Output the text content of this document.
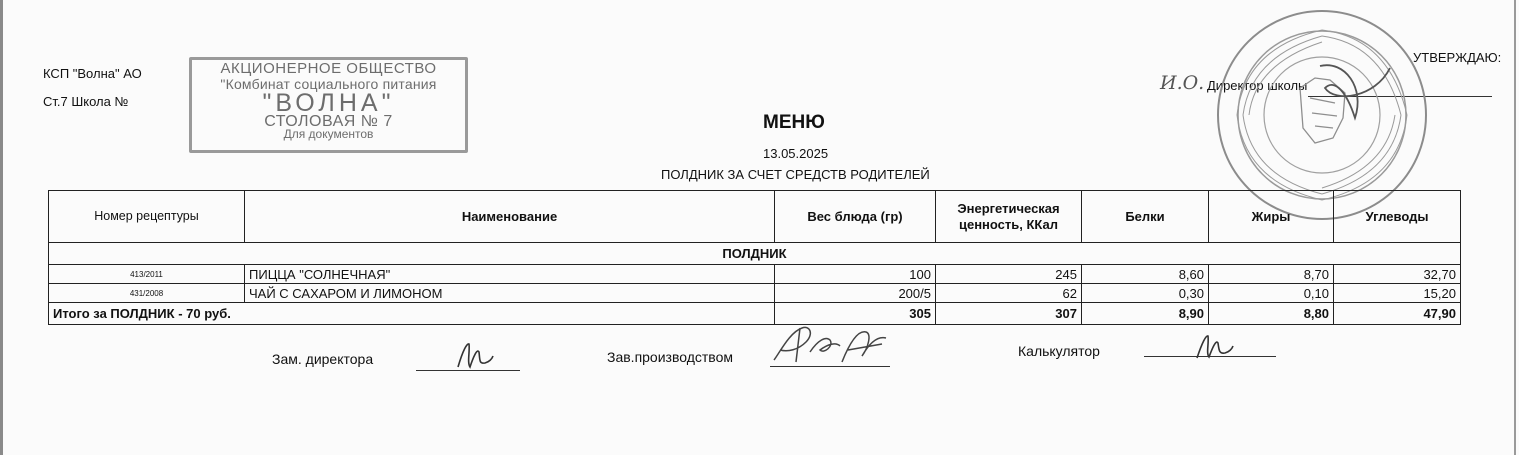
КСП "Волна" АО
Ст.7 Школа №
АКЦИОНЕРНОЕ ОБЩЕСТВО
"Комбинат социального питания
"ВОЛНА"
СТОЛОВАЯ № 7
Для документов
МЕНЮ
13.05.2025
ПОЛДНИК ЗА СЧЕТ СРЕДСТВ РОДИТЕЛЕЙ
УТВЕРЖДАЮ:
И.О. Директор школы
Номер рецептуры	Наименование	Вес блюда (гр)	Энергетическая ценность, ККал	Белки	Жиры	Углеводы
ПОЛДНИК						
413/2011	ПИЦЦА "СОЛНЕЧНАЯ"	100	245	8,60	8,70	32,70
431/2008	ЧАЙ С САХАРОМ И ЛИМОНОМ	200/5	62	0,30	0,10	15,20
Итого за ПОЛДНИК - 70 руб.		305	307	8,90	8,80	47,90
Зам. директора	Зав.производством	Калькулятор
